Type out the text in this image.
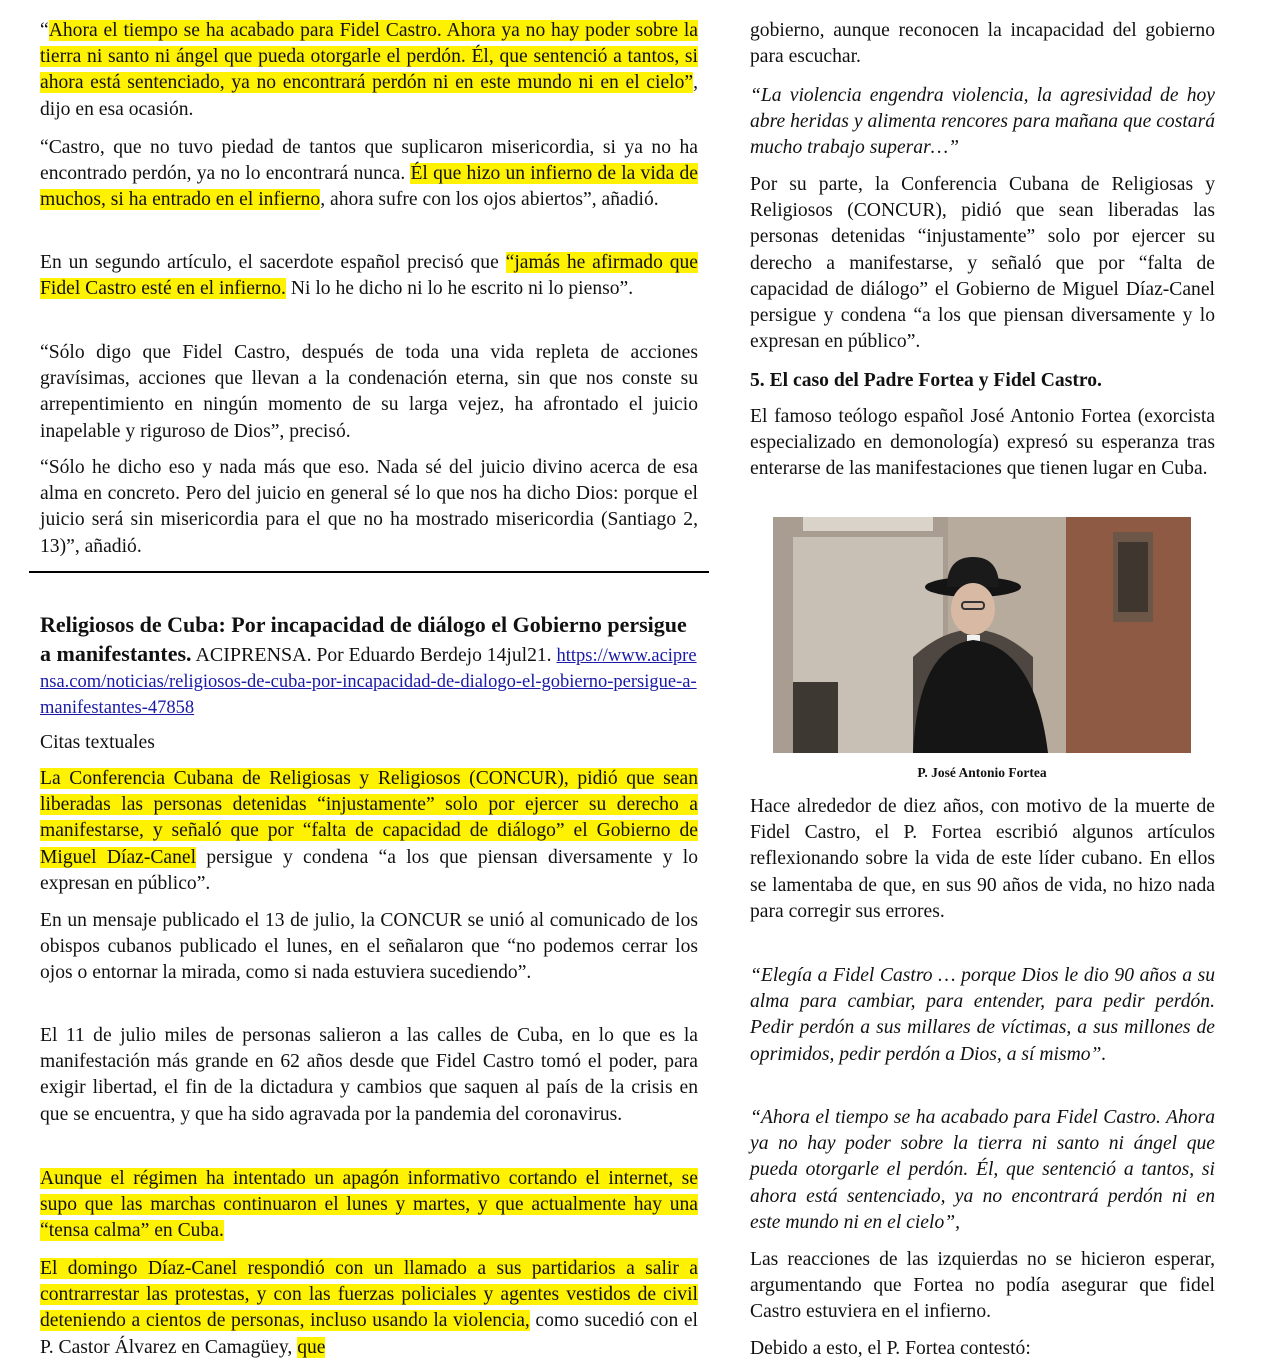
“Ahora el tiempo se ha acabado para Fidel Castro. Ahora ya no hay poder sobre la tierra ni santo ni ángel que pueda otorgarle el perdón. Él, que sentenció a tantos, si ahora está sentenciado, ya no encontrará perdón ni en este mundo ni en el cielo”, dijo en esa ocasión.

“Castro, que no tuvo piedad de tantos que suplicaron misericordia, si ya no ha encontrado perdón, ya no lo encontrará nunca. Él que hizo un infierno de la vida de muchos, si ha entrado en el infierno, ahora sufre con los ojos abiertos”, añadió.

En un segundo artículo, el sacerdote español precisó que “jamás he afirmado que Fidel Castro esté en el infierno. Ni lo he dicho ni lo he escrito ni lo pienso”.

“Sólo digo que Fidel Castro, después de toda una vida repleta de acciones gravísimas, acciones que llevan a la condenación eterna, sin que nos conste su arrepentimiento en ningún momento de su larga vejez, ha afrontado el juicio inapelable y riguroso de Dios”, precisó.

“Sólo he dicho eso y nada más que eso. Nada sé del juicio divino acerca de esa alma en concreto. Pero del juicio en general sé lo que nos ha dicho Dios: porque el juicio será sin misericordia para el que no ha mostrado misericordia (Santiago 2, 13)”, añadió.

Religiosos de Cuba: Por incapacidad de diálogo el Gobierno persigue a manifestantes. ACIPRENSA. Por Eduardo Berdejo 14jul21. https://www.aciprensa.com/noticias/religiosos-de-cuba-por-incapacidad-de-dialogo-el-gobierno-persigue-a-manifestantes-47858

Citas textuales

La Conferencia Cubana de Religiosas y Religiosos (CONCUR), pidió que sean liberadas las personas detenidas “injustamente” solo por ejercer su derecho a manifestarse, y señaló que por “falta de capacidad de diálogo” el Gobierno de Miguel Díaz-Canel persigue y condena “a los que piensan diversamente y lo expresan en público”.

En un mensaje publicado el 13 de julio, la CONCUR se unió al comunicado de los obispos cubanos publicado el lunes, en el señalaron que “no podemos cerrar los ojos o entornar la mirada, como si nada estuviera sucediendo”.

El 11 de julio miles de personas salieron a las calles de Cuba, en lo que es la manifestación más grande en 62 años desde que Fidel Castro tomó el poder, para exigir libertad, el fin de la dictadura y cambios que saquen al país de la crisis en que se encuentra, y que ha sido agravada por la pandemia del coronavirus.

Aunque el régimen ha intentado un apagón informativo cortando el internet, se supo que las marchas continuaron el lunes y martes, y que actualmente hay una “tensa calma” en Cuba.

El domingo Díaz-Canel respondió con un llamado a sus partidarios a salir a contrarrestar las protestas, y con las fuerzas policiales y agentes vestidos de civil deteniendo a cientos de personas, incluso usando la violencia, como sucedió con el P. Castor Álvarez en Camagüey, que

gobierno, aunque reconocen la incapacidad del gobierno para escuchar.

“La violencia engendra violencia, la agresividad de hoy abre heridas y alimenta rencores para mañana que costará mucho trabajo superar…”

Por su parte, la Conferencia Cubana de Religiosas y Religiosos (CONCUR), pidió que sean liberadas las personas detenidas “injustamente” solo por ejercer su derecho a manifestarse, y señaló que por “falta de capacidad de diálogo” el Gobierno de Miguel Díaz-Canel persigue y condena “a los que piensan diversamente y lo expresan en público”.

5. El caso del Padre Fortea y Fidel Castro.

El famoso teólogo español José Antonio Fortea (exorcista especializado en demonología) expresó su esperanza tras enterarse de las manifestaciones que tienen lugar en Cuba.

P. José Antonio Fortea

Hace alrededor de diez años, con motivo de la muerte de Fidel Castro, el P. Fortea escribió algunos artículos reflexionando sobre la vida de este líder cubano. En ellos se lamentaba de que, en sus 90 años de vida, no hizo nada para corregir sus errores.

“Elegía a Fidel Castro … porque Dios le dio 90 años a su alma para cambiar, para entender, para pedir perdón. Pedir perdón a sus millares de víctimas, a sus millones de oprimidos, pedir perdón a Dios, a sí mismo”.

“Ahora el tiempo se ha acabado para Fidel Castro. Ahora ya no hay poder sobre la tierra ni santo ni ángel que pueda otorgarle el perdón. Él, que sentenció a tantos, si ahora está sentenciado, ya no encontrará perdón ni en este mundo ni en el cielo”,

Las reacciones de las izquierdas no se hicieron esperar, argumentando que Fortea no podía asegurar que fidel Castro estuviera en el infierno.

Debido a esto, el P. Fortea contestó:
